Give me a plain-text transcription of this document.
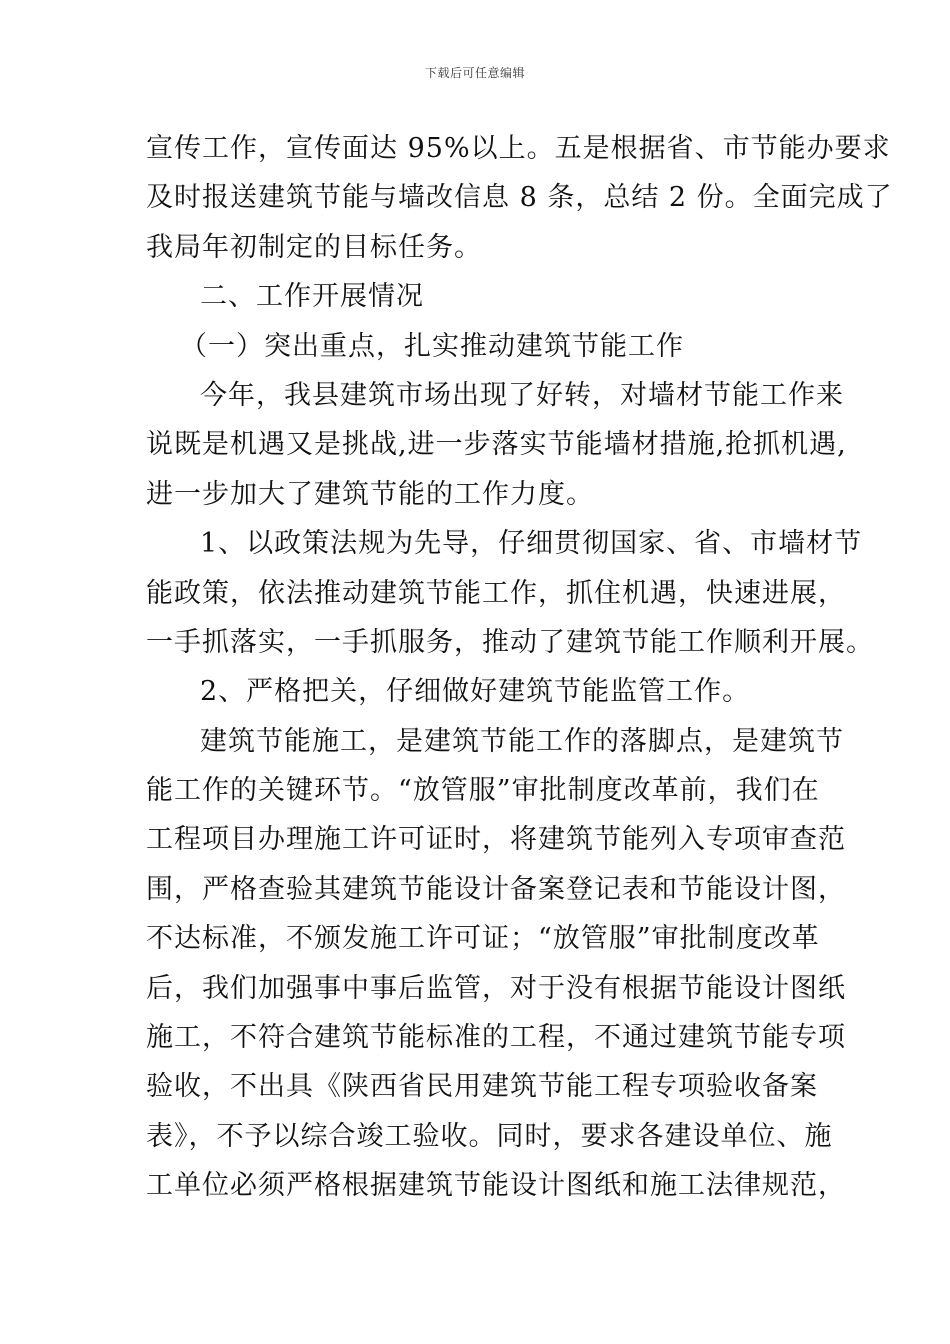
下载后可任意编辑
宣传工作，宣传面达 95%以上。五是根据省、市节能办要求
及时报送建筑节能与墙改信息 8 条，总结 2 份。全面完成了
我局年初制定的目标任务。
二、工作开展情况
（一）突出重点，扎实推动建筑节能工作
今年，我县建筑市场出现了好转，对墙材节能工作来
说既是机遇又是挑战,进一步落实节能墙材措施,抢抓机遇,
进一步加大了建筑节能的工作力度。
1、以政策法规为先导，仔细贯彻国家、省、市墙材节
能政策，依法推动建筑节能工作，抓住机遇，快速进展，
一手抓落实，一手抓服务，推动了建筑节能工作顺利开展。
2、严格把关，仔细做好建筑节能监管工作。
建筑节能施工，是建筑节能工作的落脚点，是建筑节
能工作的关键环节。“放管服”审批制度改革前，我们在
工程项目办理施工许可证时，将建筑节能列入专项审查范
围，严格查验其建筑节能设计备案登记表和节能设计图，
不达标准，不颁发施工许可证；“放管服”审批制度改革
后，我们加强事中事后监管，对于没有根据节能设计图纸
施工，不符合建筑节能标准的工程，不通过建筑节能专项
验收，不出具《陕西省民用建筑节能工程专项验收备案
表》，不予以综合竣工验收。同时，要求各建设单位、施
工单位必须严格根据建筑节能设计图纸和施工法律规范，
